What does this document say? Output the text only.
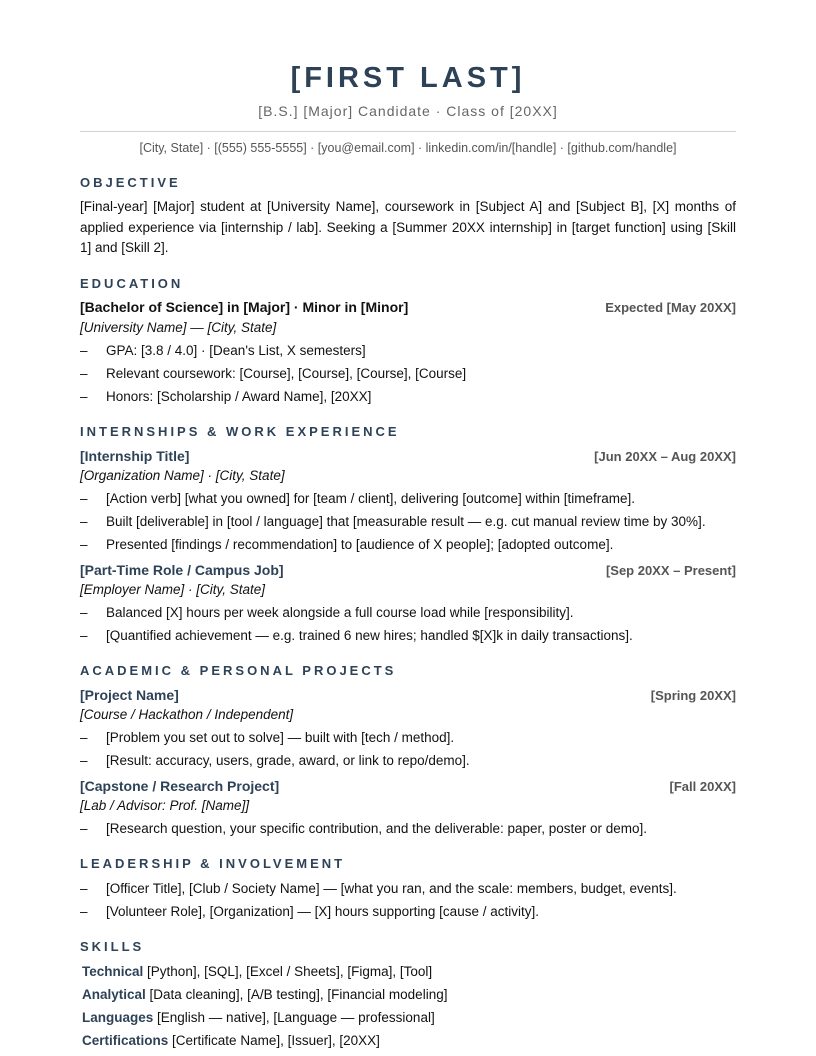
[FIRST LAST]
[B.S.] [Major] Candidate · Class of [20XX]
[City, State] · [(555) 555-5555] · [you@email.com] · linkedin.com/in/[handle] · [github.com/handle]
OBJECTIVE
[Final-year] [Major] student at [University Name], coursework in [Subject A] and [Subject B], [X] months of applied experience via [internship / lab]. Seeking a [Summer 20XX internship] in [target function] using [Skill 1] and [Skill 2].
EDUCATION
[Bachelor of Science] in [Major] · Minor in [Minor]	Expected [May 20XX]
[University Name] — [City, State]
– GPA: [3.8 / 4.0] · [Dean's List, X semesters]
– Relevant coursework: [Course], [Course], [Course], [Course]
– Honors: [Scholarship / Award Name], [20XX]
INTERNSHIPS & WORK EXPERIENCE
[Internship Title]	[Jun 20XX – Aug 20XX]
[Organization Name] · [City, State]
– [Action verb] [what you owned] for [team / client], delivering [outcome] within [timeframe].
– Built [deliverable] in [tool / language] that [measurable result — e.g. cut manual review time by 30%].
– Presented [findings / recommendation] to [audience of X people]; [adopted outcome].
[Part-Time Role / Campus Job]	[Sep 20XX – Present]
[Employer Name] · [City, State]
– Balanced [X] hours per week alongside a full course load while [responsibility].
– [Quantified achievement — e.g. trained 6 new hires; handled $[X]k in daily transactions].
ACADEMIC & PERSONAL PROJECTS
[Project Name]	[Spring 20XX]
[Course / Hackathon / Independent]
– [Problem you set out to solve] — built with [tech / method].
– [Result: accuracy, users, grade, award, or link to repo/demo].
[Capstone / Research Project]	[Fall 20XX]
[Lab / Advisor: Prof. [Name]]
– [Research question, your specific contribution, and the deliverable: paper, poster or demo].
LEADERSHIP & INVOLVEMENT
– [Officer Title], [Club / Society Name] — [what you ran, and the scale: members, budget, events].
– [Volunteer Role], [Organization] — [X] hours supporting [cause / activity].
SKILLS
Technical [Python], [SQL], [Excel / Sheets], [Figma], [Tool]
Analytical [Data cleaning], [A/B testing], [Financial modeling]
Languages [English — native], [Language — professional]
Certifications [Certificate Name], [Issuer], [20XX]
